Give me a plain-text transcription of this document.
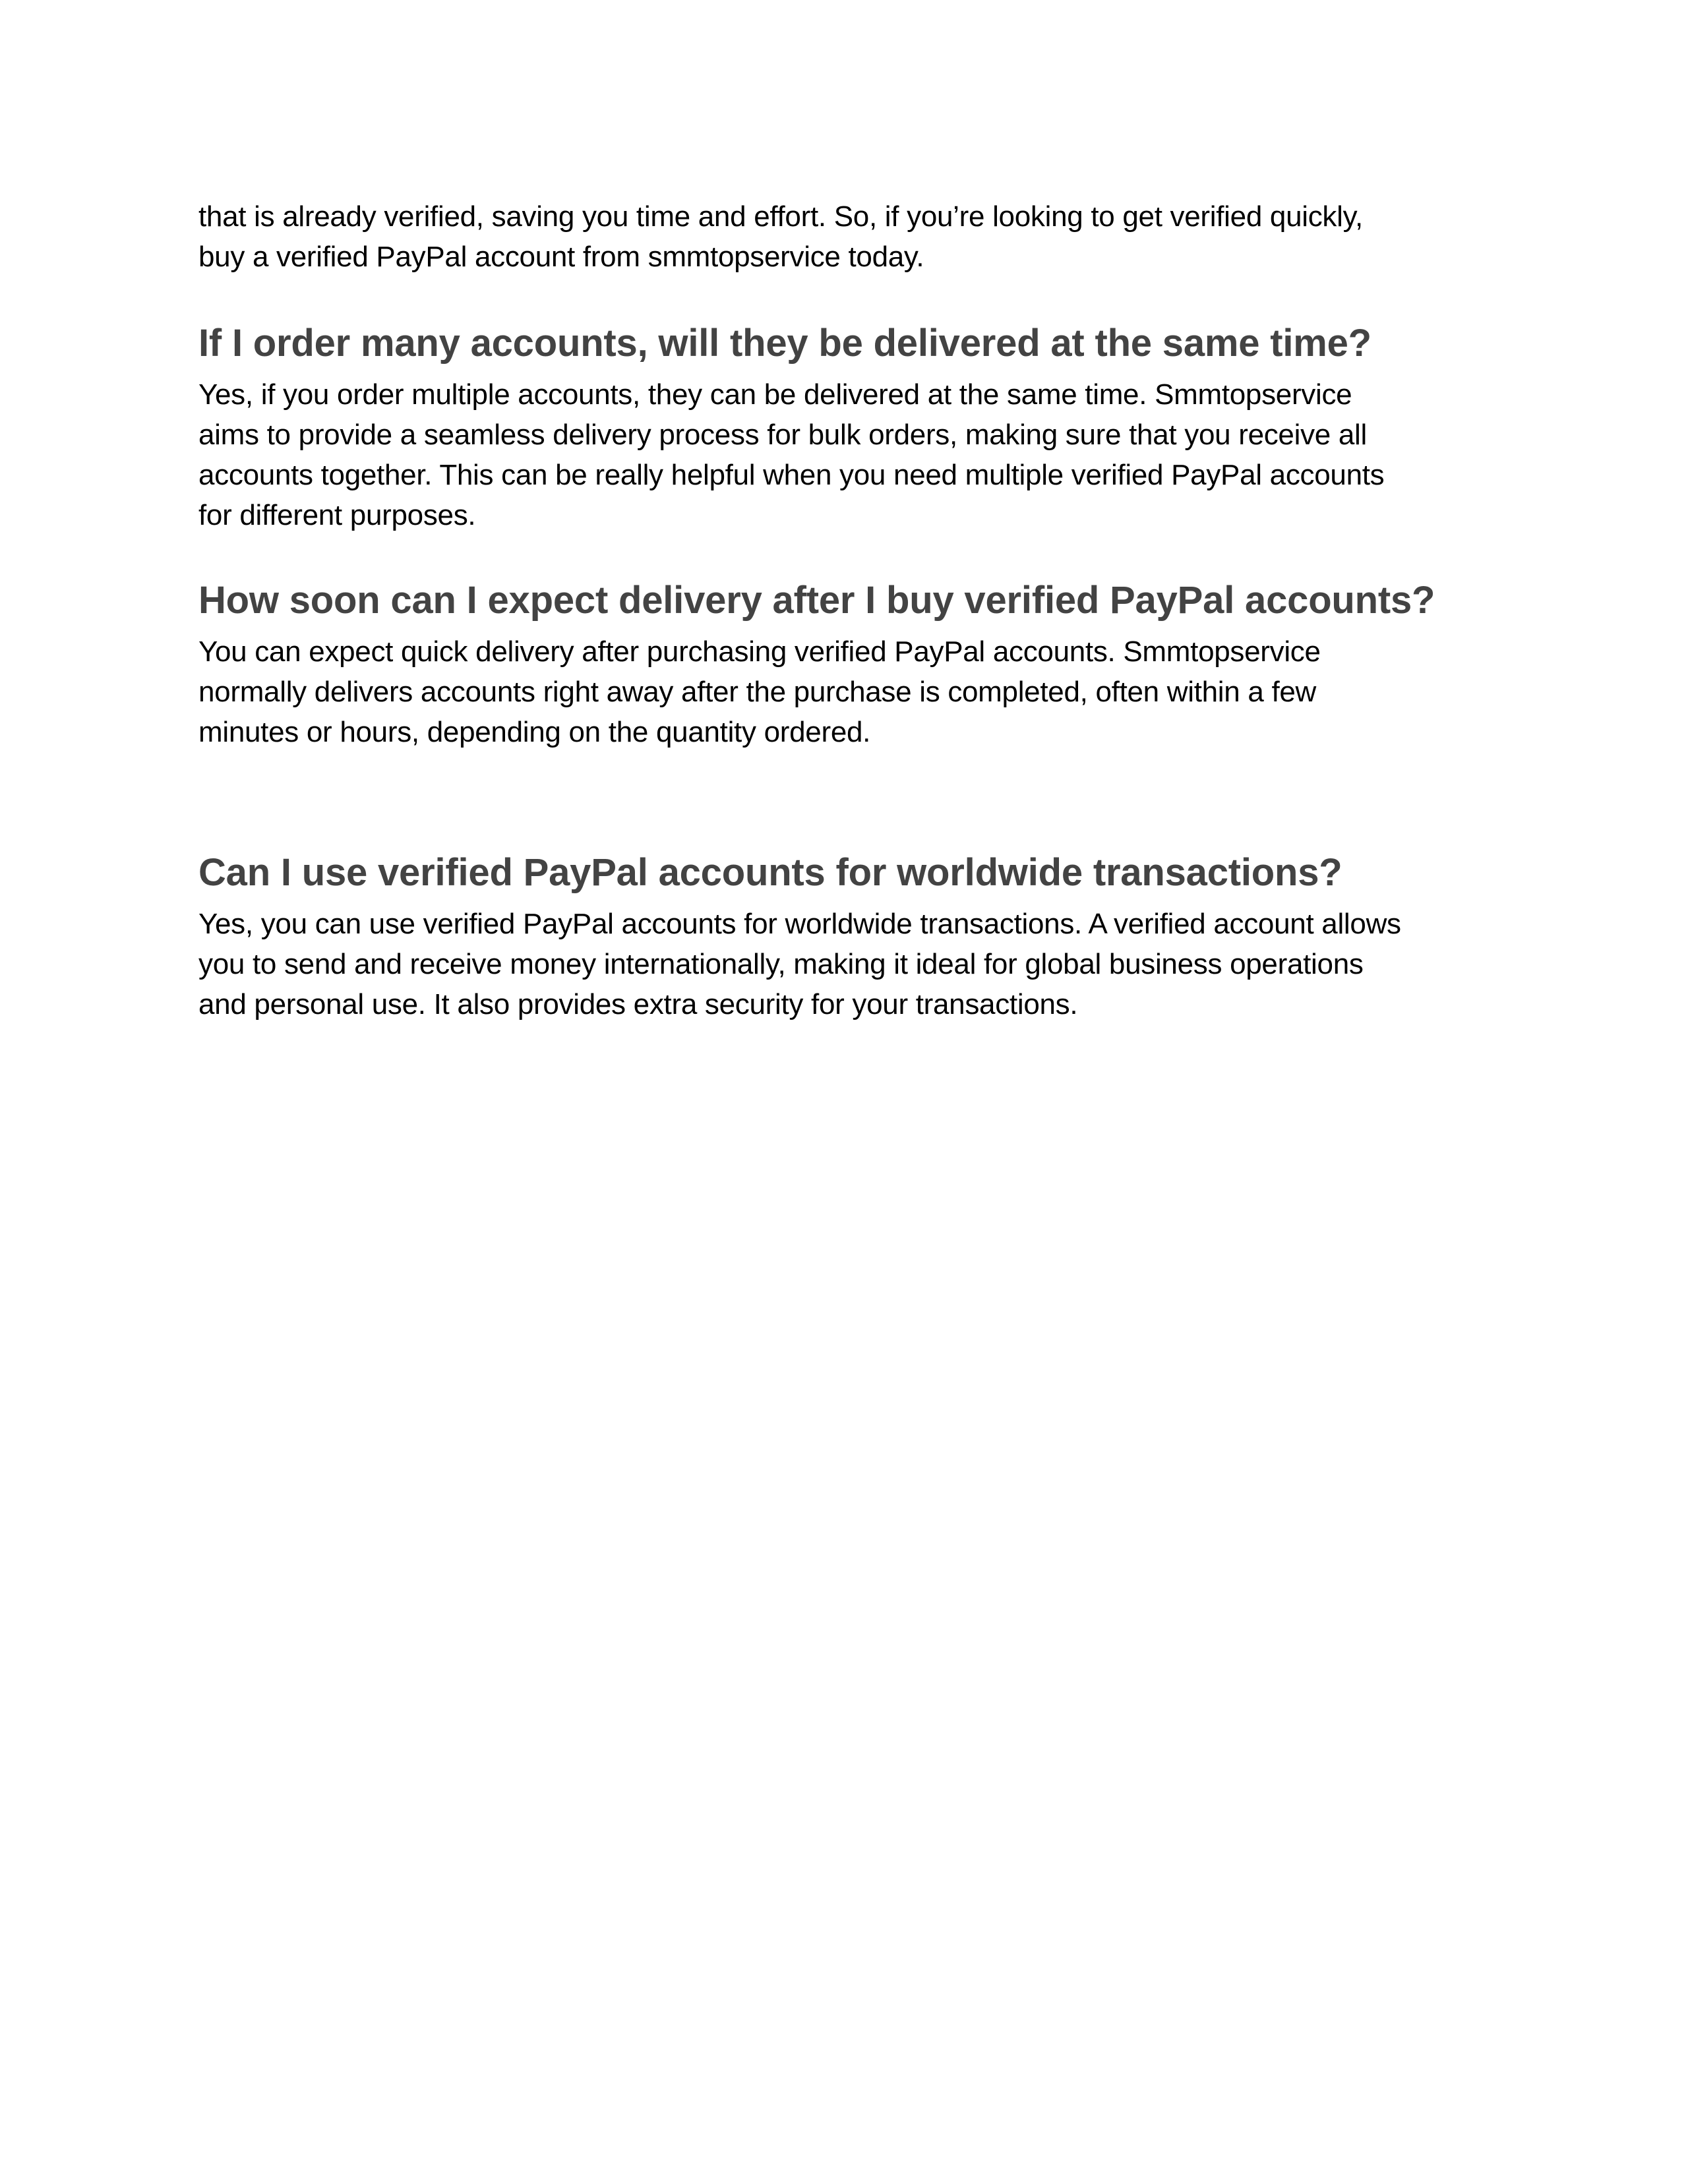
that is already verified, saving you time and effort. So, if you’re looking to get verified quickly,
buy a verified PayPal account from smmtopservice today.

If I order many accounts, will they be delivered at the same time?

Yes, if you order multiple accounts, they can be delivered at the same time. Smmtopservice
aims to provide a seamless delivery process for bulk orders, making sure that you receive all
accounts together. This can be really helpful when you need multiple verified PayPal accounts
for different purposes.

How soon can I expect delivery after I buy verified PayPal accounts?

You can expect quick delivery after purchasing verified PayPal accounts. Smmtopservice
normally delivers accounts right away after the purchase is completed, often within a few
minutes or hours, depending on the quantity ordered.

Can I use verified PayPal accounts for worldwide transactions?

Yes, you can use verified PayPal accounts for worldwide transactions. A verified account allows
you to send and receive money internationally, making it ideal for global business operations
and personal use. It also provides extra security for your transactions.
